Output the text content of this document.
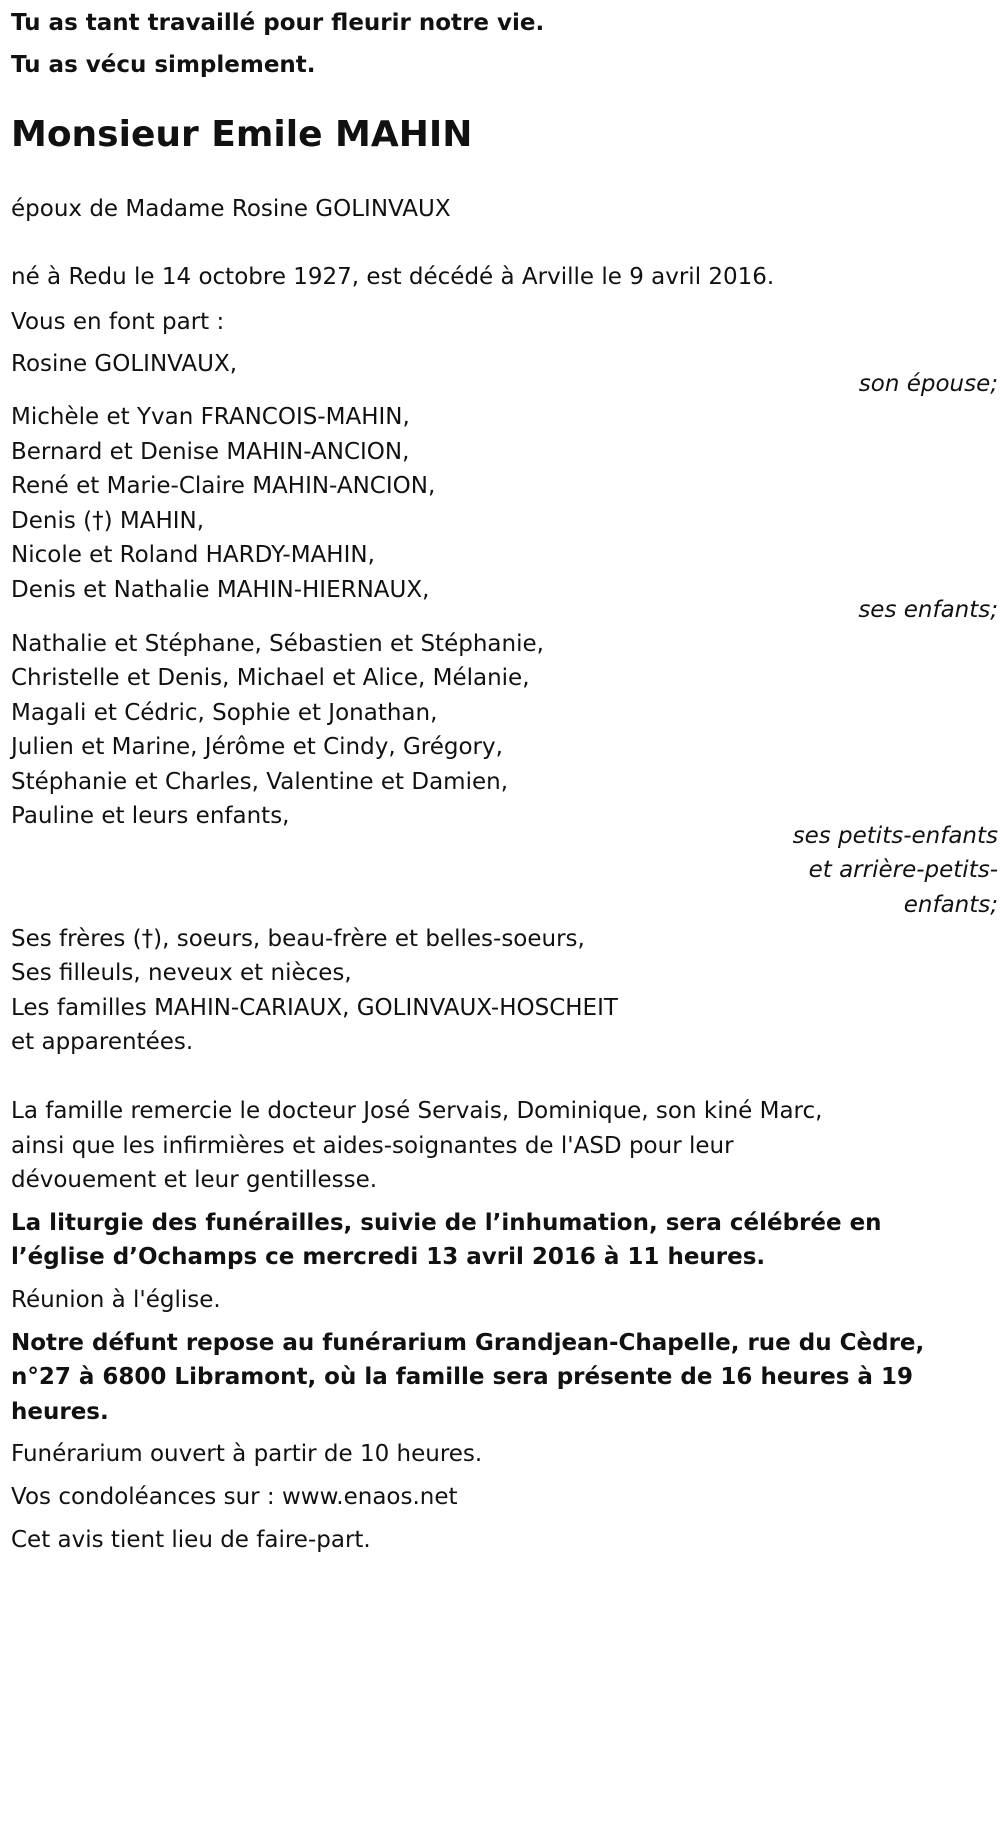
Tu as tant travaillé pour fleurir notre vie.
Tu as vécu simplement.
Monsieur Emile MAHIN
époux de Madame Rosine GOLINVAUX
né à Redu le 14 octobre 1927, est décédé à Arville le 9 avril 2016.
Vous en font part :
Rosine GOLINVAUX,
son épouse;
Michèle et Yvan FRANCOIS-MAHIN,
Bernard et Denise MAHIN-ANCION,
René et Marie-Claire MAHIN-ANCION,
Denis (†) MAHIN,
Nicole et Roland HARDY-MAHIN,
Denis et Nathalie MAHIN-HIERNAUX,
ses enfants;
Nathalie et Stéphane, Sébastien et Stéphanie,
Christelle et Denis, Michael et Alice, Mélanie,
Magali et Cédric, Sophie et Jonathan,
Julien et Marine, Jérôme et Cindy, Grégory,
Stéphanie et Charles, Valentine et Damien,
Pauline et leurs enfants,
ses petits-enfants
et arrière-petits-
enfants;
Ses frères (†), soeurs, beau-frère et belles-soeurs,
Ses filleuls, neveux et nièces,
Les familles MAHIN-CARIAUX, GOLINVAUX-HOSCHEIT
et apparentées.
La famille remercie le docteur José Servais, Dominique, son kiné Marc,
ainsi que les infirmières et aides-soignantes de l'ASD pour leur
dévouement et leur gentillesse.
La liturgie des funérailles, suivie de l’inhumation, sera célébrée en
l’église d’Ochamps ce mercredi 13 avril 2016 à 11 heures.
Réunion à l'église.
Notre défunt repose au funérarium Grandjean-Chapelle, rue du Cèdre,
n°27 à 6800 Libramont, où la famille sera présente de 16 heures à 19
heures.
Funérarium ouvert à partir de 10 heures.
Vos condoléances sur : www.enaos.net
Cet avis tient lieu de faire-part.
